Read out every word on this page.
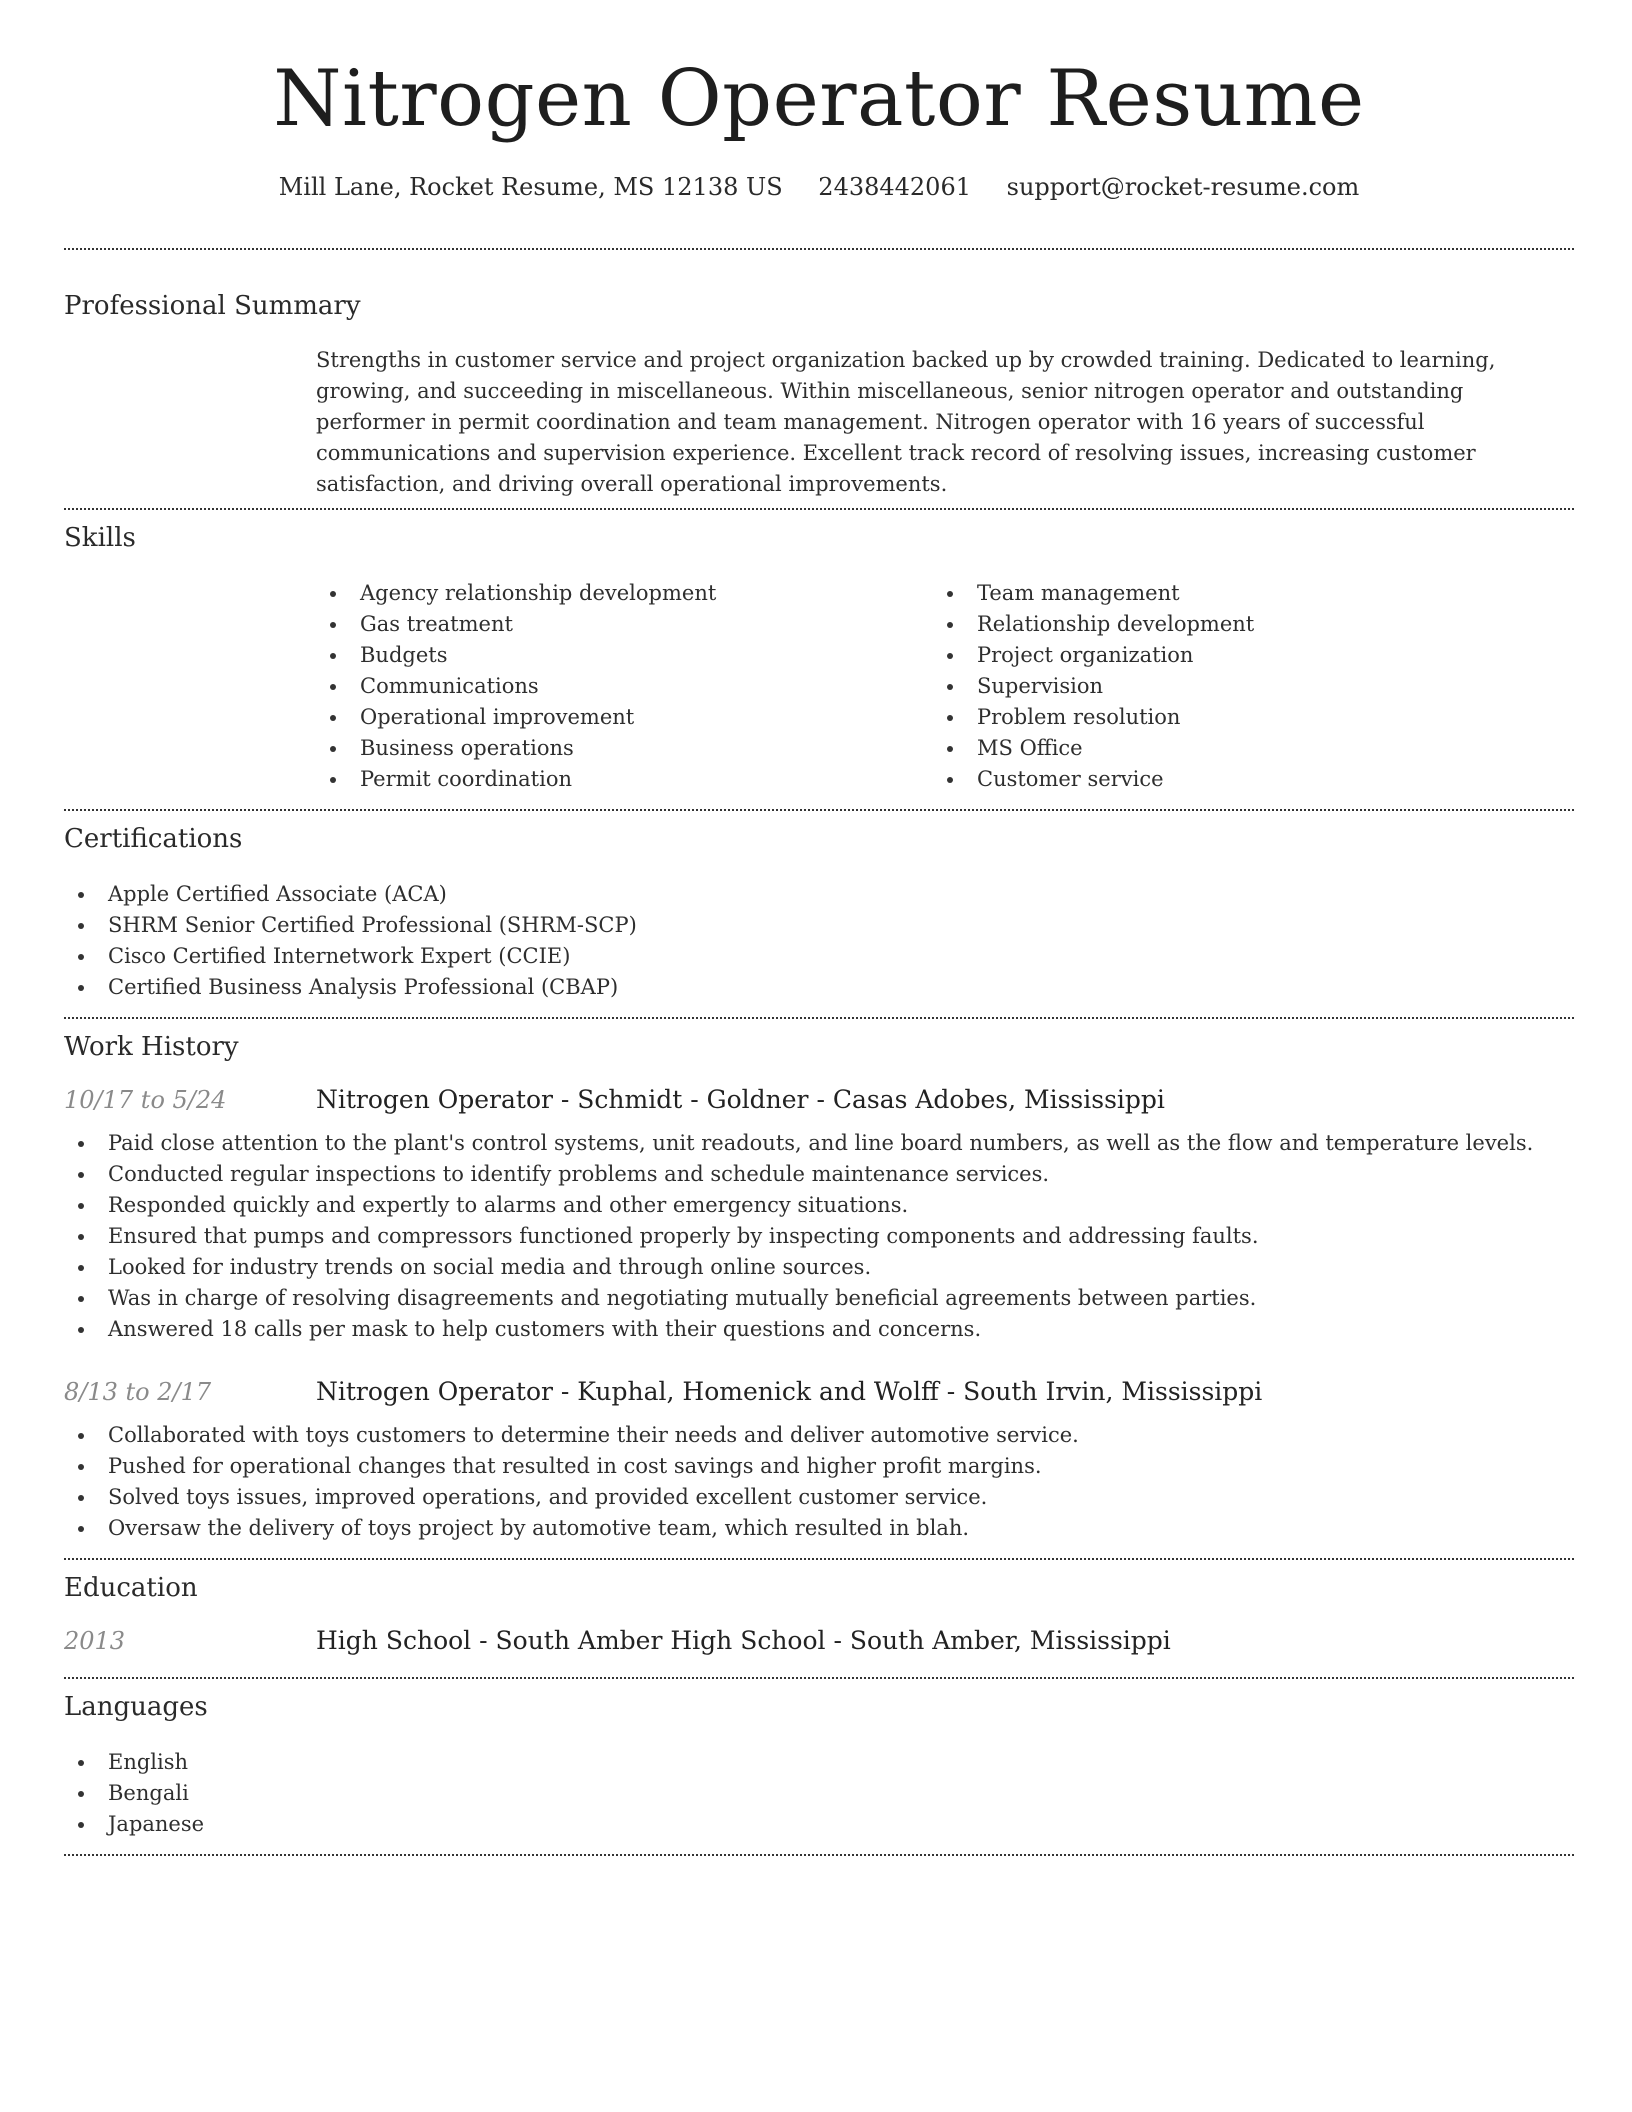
Nitrogen Operator Resume
Mill Lane, Rocket Resume, MS 12138 US 2438442061 support@rocket-resume.com
Professional Summary
Strengths in customer service and project organization backed up by crowded training. Dedicated to learning, growing, and succeeding in miscellaneous. Within miscellaneous, senior nitrogen operator and outstanding performer in permit coordination and team management. Nitrogen operator with 16 years of successful communications and supervision experience. Excellent track record of resolving issues, increasing customer satisfaction, and driving overall operational improvements.
Skills
Agency relationship development
Gas treatment
Budgets
Communications
Operational improvement
Business operations
Permit coordination
Team management
Relationship development
Project organization
Supervision
Problem resolution
MS Office
Customer service
Certifications
Apple Certified Associate (ACA)
SHRM Senior Certified Professional (SHRM-SCP)
Cisco Certified Internetwork Expert (CCIE)
Certified Business Analysis Professional (CBAP)
Work History
10/17 to 5/24	Nitrogen Operator - Schmidt - Goldner - Casas Adobes, Mississippi
Paid close attention to the plant's control systems, unit readouts, and line board numbers, as well as the flow and temperature levels.
Conducted regular inspections to identify problems and schedule maintenance services.
Responded quickly and expertly to alarms and other emergency situations.
Ensured that pumps and compressors functioned properly by inspecting components and addressing faults.
Looked for industry trends on social media and through online sources.
Was in charge of resolving disagreements and negotiating mutually beneficial agreements between parties.
Answered 18 calls per mask to help customers with their questions and concerns.
8/13 to 2/17	Nitrogen Operator - Kuphal, Homenick and Wolff - South Irvin, Mississippi
Collaborated with toys customers to determine their needs and deliver automotive service.
Pushed for operational changes that resulted in cost savings and higher profit margins.
Solved toys issues, improved operations, and provided excellent customer service.
Oversaw the delivery of toys project by automotive team, which resulted in blah.
Education
2013	High School - South Amber High School - South Amber, Mississippi
Languages
English
Bengali
Japanese
